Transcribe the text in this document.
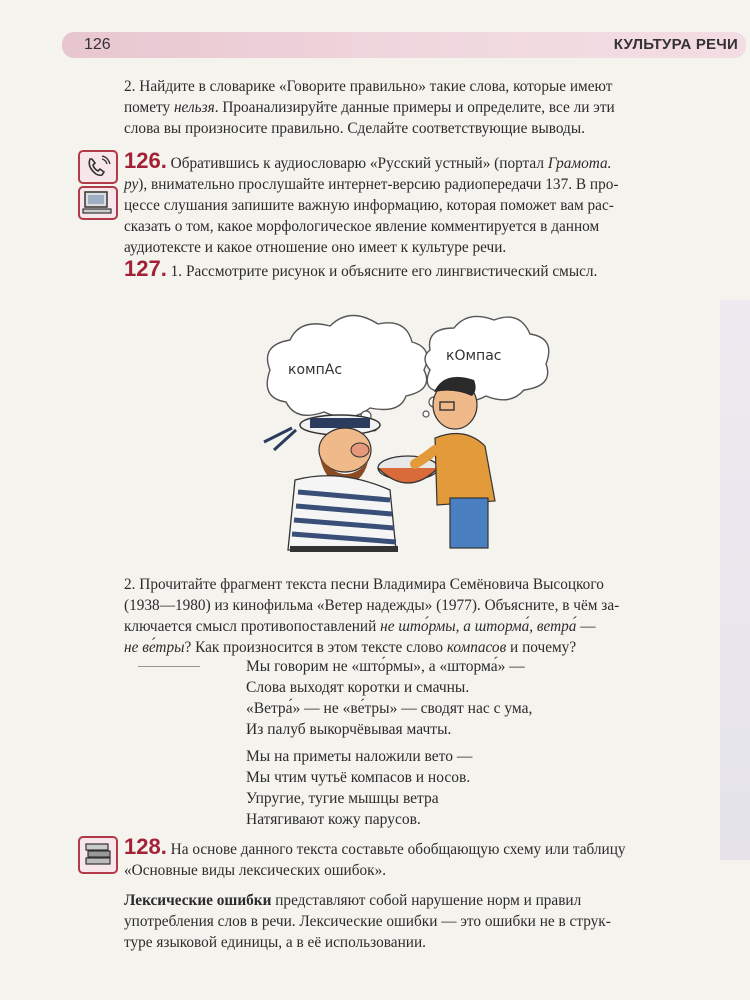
126	КУЛЬТУРА РЕЧИ
2. Найдите в словарике «Говорите правильно» такие слова, которые имеют
помету нельзя. Проанализируйте данные примеры и определите, все ли эти
слова вы произносите правильно. Сделайте соответствующие выводы.
126. Обратившись к аудиословарю «Русский устный» (портал Грамота.
ру), внимательно прослушайте интернет-версию радиопередачи 137. В про-
цессе слушания запишите важную информацию, которая поможет вам рас-
сказать о том, какое морфологическое явление комментируется в данном
аудиотексте и какое отношение оно имеет к культуре речи.
127. 1. Рассмотрите рисунок и объясните его лингвистический смысл.
компАс
кОмпас
2. Прочитайте фрагмент текста песни Владимира Семёновича Высоцкого
(1938—1980) из кинофильма «Ветер надежды» (1977). Объясните, в чём за-
ключается смысл противопоставлений не што́рмы, а шторма́, ветра́ —
не ве́тры? Как произносится в этом тексте слово компасов и почему?
Мы говорим не «што́рмы», а «шторма́» —
Слова выходят коротки и смачны.
«Ветра́» — не «ве́тры» — сводят нас с ума,
Из палуб выкорчёвывая мачты.
Мы на приметы наложили вето —
Мы чтим чутьё компасов и носов.
Упругие, тугие мышцы ветра
Натягивают кожу парусов.
128. На основе данного текста составьте обобщающую схему или таблицу
«Основные виды лексических ошибок».
Лексические ошибки представляют собой нарушение норм и правил
употребления слов в речи. Лексические ошибки — это ошибки не в струк-
туре языковой единицы, а в её использовании.
